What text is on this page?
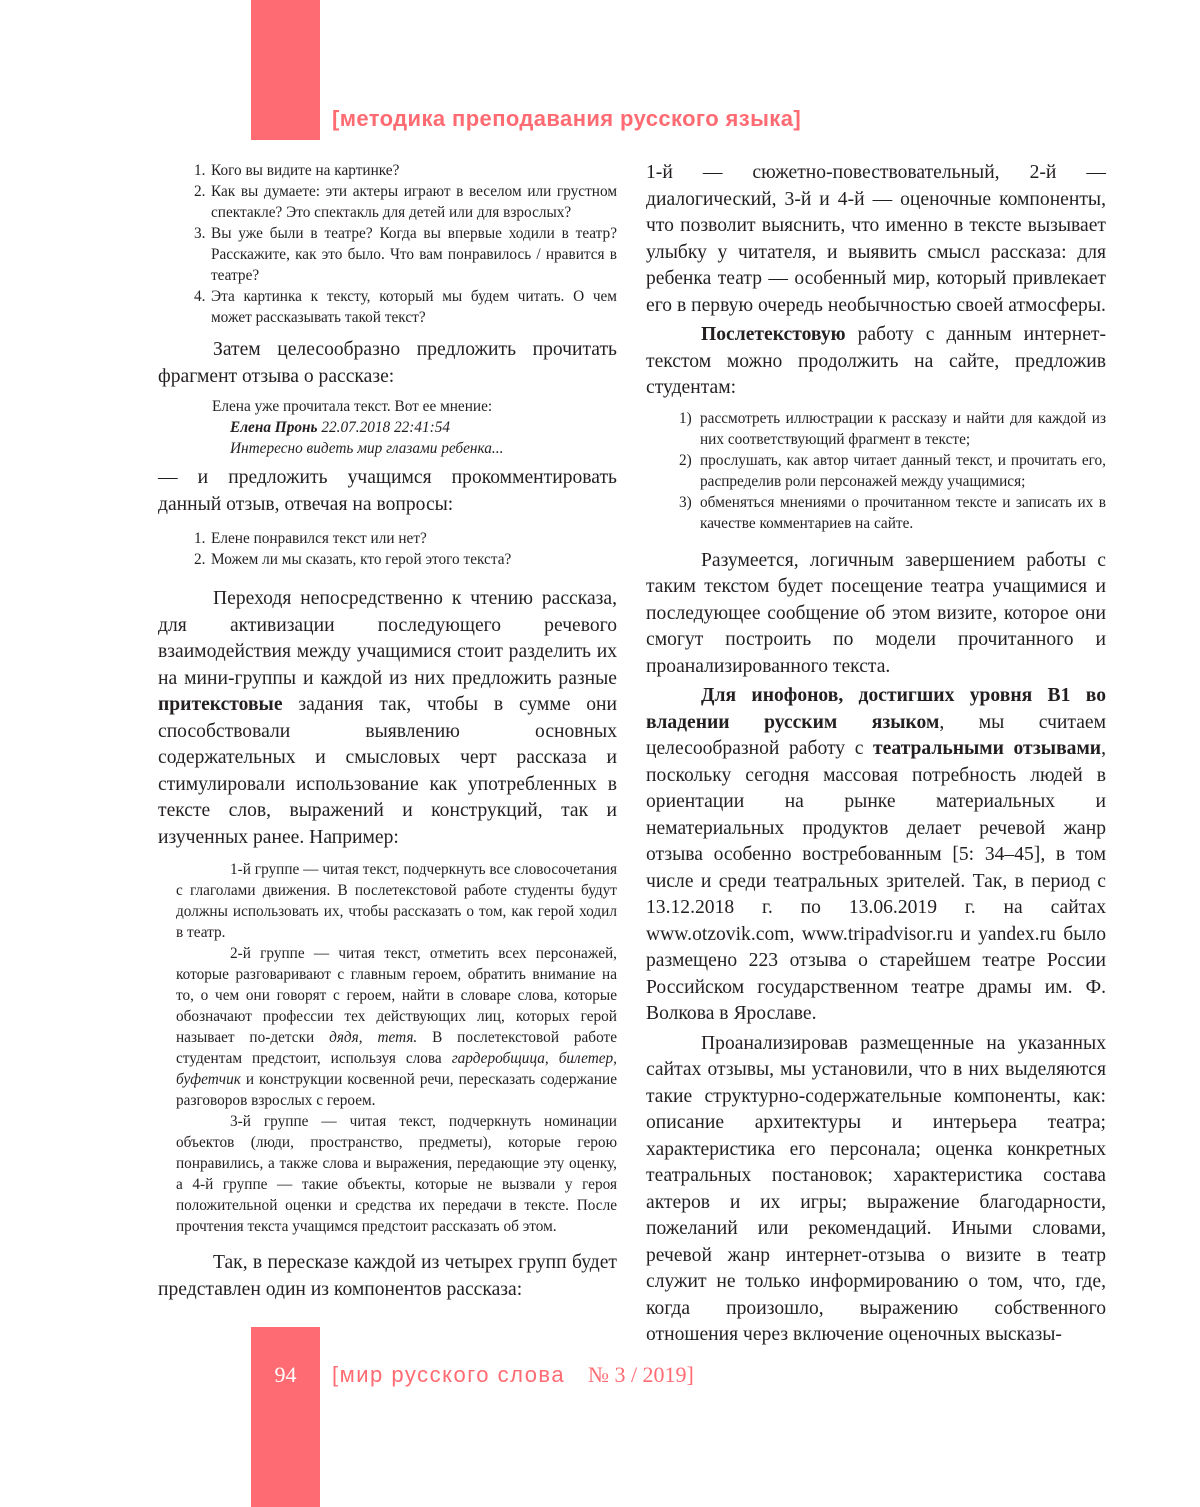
[методика преподавания русского языка]
1. Кого вы видите на картинке?
2. Как вы думаете: эти актеры играют в веселом или грустном спектакле? Это спектакль для детей или для взрослых?
3. Вы уже были в театре? Когда вы впервые ходили в театр? Расскажите, как это было. Что вам понравилось / нравится в театре?
4. Эта картинка к тексту, который мы будем читать. О чем может рассказывать такой текст?

Затем целесообразно предложить прочитать фрагмент отзыва о рассказе:

Елена уже прочитала текст. Вот ее мнение:
Елена Пронь 22.07.2018 22:41:54
Интересно видеть мир глазами ребенка...

— и предложить учащимся прокомментировать данный отзыв, отвечая на вопросы:

1. Елене понравился текст или нет?
2. Можем ли мы сказать, кто герой этого текста?

Переходя непосредственно к чтению рассказа, для активизации последующего речевого взаимодействия между учащимися стоит разделить их на мини-группы и каждой из них предложить разные притекстовые задания так, чтобы в сумме они способствовали выявлению основных содержательных и смысловых черт рассказа и стимулировали использование как употребленных в тексте слов, выражений и конструкций, так и изученных ранее. Например:

1-й группе — читая текст, подчеркнуть все словосочетания с глаголами движения. В послетекстовой работе студенты будут должны использовать их, чтобы рассказать о том, как герой ходил в театр.

2-й группе — читая текст, отметить всех персонажей, которые разговаривают с главным героем, обратить внимание на то, о чем они говорят с героем, найти в словаре слова, которые обозначают профессии тех действующих лиц, которых герой называет по-детски дядя, тетя. В послетекстовой работе студентам предстоит, используя слова гардеробщица, билетер, буфетчик и конструкции косвенной речи, пересказать содержание разговоров взрослых с героем.

3-й группе — читая текст, подчеркнуть номинации объектов (люди, пространство, предметы), которые герою понравились, а также слова и выражения, передающие эту оценку, а 4-й группе — такие объекты, которые не вызвали у героя положительной оценки и средства их передачи в тексте. После прочтения текста учащимся предстоит рассказать об этом.

Так, в пересказе каждой из четырех групп будет представлен один из компонентов рассказа:

1-й — сюжетно-повествовательный, 2-й — диалогический, 3-й и 4-й — оценочные компоненты, что позволит выяснить, что именно в тексте вызывает улыбку у читателя, и выявить смысл рассказа: для ребенка театр — особенный мир, который привлекает его в первую очередь необычностью своей атмосферы.

Послетекстовую работу с данным интернет-текстом можно продолжить на сайте, предложив студентам:

1) рассмотреть иллюстрации к рассказу и найти для каждой из них соответствующий фрагмент в тексте;
2) прослушать, как автор читает данный текст, и прочитать его, распределив роли персонажей между учащимися;
3) обменяться мнениями о прочитанном тексте и записать их в качестве комментариев на сайте.

Разумеется, логичным завершением работы с таким текстом будет посещение театра учащимися и последующее сообщение об этом визите, которое они смогут построить по модели прочитанного и проанализированного текста.

Для инофонов, достигших уровня В1 во владении русским языком, мы считаем целесообразной работу с театральными отзывами, поскольку сегодня массовая потребность людей в ориентации на рынке материальных и нематериальных продуктов делает речевой жанр отзыва особенно востребованным [5: 34–45], в том числе и среди театральных зрителей. Так, в период с 13.12.2018 г. по 13.06.2019 г. на сайтах www.otzovik.com, www.tripadvisor.ru и yandex.ru было размещено 223 отзыва о старейшем театре России Российском государственном театре драмы им. Ф. Волкова в Ярославе.

Проанализировав размещенные на указанных сайтах отзывы, мы установили, что в них выделяются такие структурно-содержательные компоненты, как: описание архитектуры и интерьера театра; характеристика его персонала; оценка конкретных театральных постановок; характеристика состава актеров и их игры; выражение благодарности, пожеланий или рекомендаций. Иными словами, речевой жанр интернет-отзыва о визите в театр служит не только информированию о том, что, где, когда произошло, выражению собственного отношения через включение оценочных высказы-

94	[мир русского слова № 3 / 2019]
